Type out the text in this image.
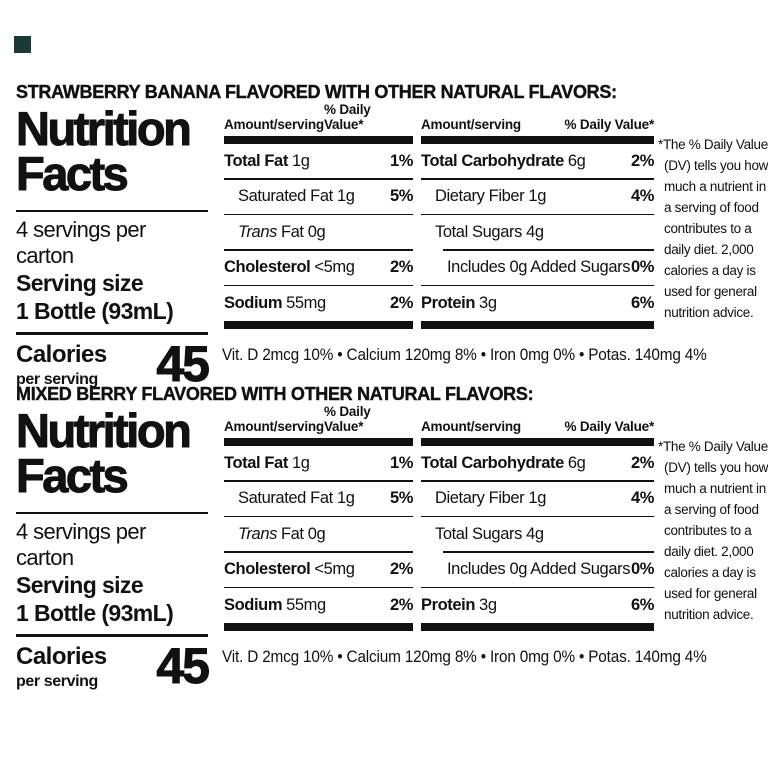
STRAWBERRY BANANA FLAVORED WITH OTHER NATURAL FLAVORS:
Nutrition
Facts
4 servings per carton
Serving size
1 Bottle (93mL)
Calories
per serving 45
Amount/serving
% Daily Value*
Total Fat 1g	1%
Saturated Fat 1g 5%
Trans Fat 0g
Cholesterol <5mg 2%
Sodium 55mg	2%
Amount/serving	% Daily Value*
Total Carbohydrate 6g	2%
Dietary Fiber 1g	4%
Total Sugars 4g
Includes 0g Added Sugars 0%
Protein 3g	6%
*The % Daily Value (DV) tells you how much a nutrient in a serving of food contributes to a daily diet. 2,000 calories a day is used for general nutrition advice.
Vit. D 2mcg 10% • Calcium 120mg 8% • Iron 0mg 0% • Potas. 140mg 4%
MIXED BERRY FLAVORED WITH OTHER NATURAL FLAVORS:
Nutrition
Facts
4 servings per carton
Serving size
1 Bottle (93mL)
Calories
per serving 45
Amount/serving
% Daily Value*
Total Fat 1g	1%
Saturated Fat 1g 5%
Trans Fat 0g
Cholesterol <5mg 2%
Sodium 55mg	2%
Amount/serving	% Daily Value*
Total Carbohydrate 6g	2%
Dietary Fiber 1g	4%
Total Sugars 4g
Includes 0g Added Sugars 0%
Protein 3g	6%
*The % Daily Value (DV) tells you how much a nutrient in a serving of food contributes to a daily diet. 2,000 calories a day is used for general nutrition advice.
Vit. D 2mcg 10% • Calcium 120mg 8% • Iron 0mg 0% • Potas. 140mg 4%
